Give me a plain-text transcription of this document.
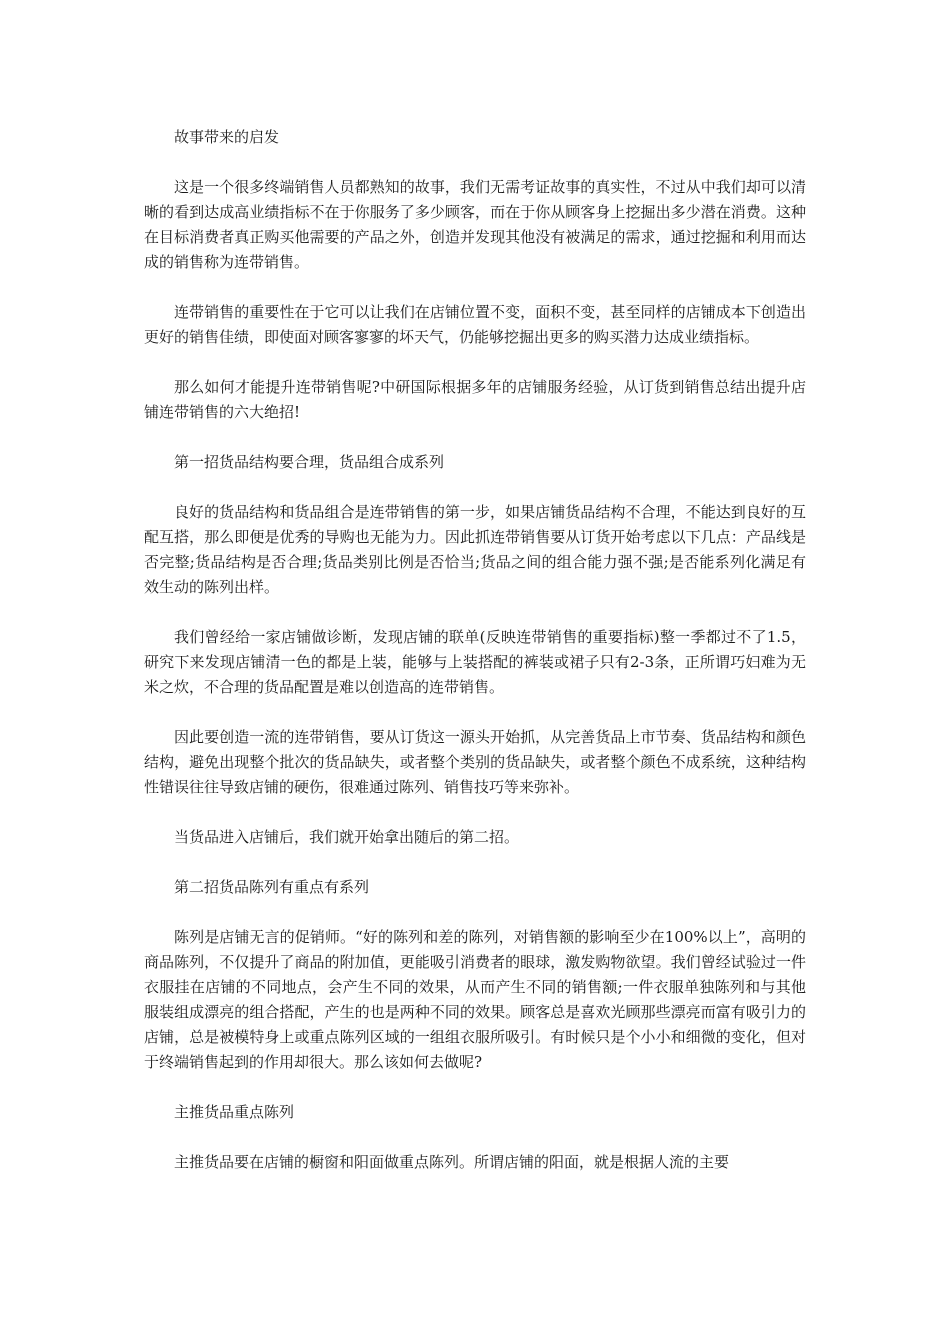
故事带来的启发

这是一个很多终端销售人员都熟知的故事，我们无需考证故事的真实性，不过从中我们却可以清晰的看到达成高业绩指标不在于你服务了多少顾客，而在于你从顾客身上挖掘出多少潜在消费。这种在目标消费者真正购买他需要的产品之外，创造并发现其他没有被满足的需求，通过挖掘和利用而达成的销售称为连带销售。

连带销售的重要性在于它可以让我们在店铺位置不变，面积不变，甚至同样的店铺成本下创造出更好的销售佳绩，即使面对顾客寥寥的坏天气，仍能够挖掘出更多的购买潜力达成业绩指标。

那么如何才能提升连带销售呢?中研国际根据多年的店铺服务经验，从订货到销售总结出提升店铺连带销售的六大绝招!

第一招货品结构要合理，货品组合成系列

良好的货品结构和货品组合是连带销售的第一步，如果店铺货品结构不合理，不能达到良好的互配互搭，那么即便是优秀的导购也无能为力。因此抓连带销售要从订货开始考虑以下几点：产品线是否完整;货品结构是否合理;货品类别比例是否恰当;货品之间的组合能力强不强;是否能系列化满足有效生动的陈列出样。

我们曾经给一家店铺做诊断，发现店铺的联单(反映连带销售的重要指标)整一季都过不了1.5，研究下来发现店铺清一色的都是上装，能够与上装搭配的裤装或裙子只有2-3条，正所谓巧妇难为无米之炊，不合理的货品配置是难以创造高的连带销售。

因此要创造一流的连带销售，要从订货这一源头开始抓，从完善货品上市节奏、货品结构和颜色结构，避免出现整个批次的货品缺失，或者整个类别的货品缺失，或者整个颜色不成系统，这种结构性错误往往导致店铺的硬伤，很难通过陈列、销售技巧等来弥补。

当货品进入店铺后，我们就开始拿出随后的第二招。

第二招货品陈列有重点有系列

陈列是店铺无言的促销师。“好的陈列和差的陈列，对销售额的影响至少在100%以上”，高明的商品陈列，不仅提升了商品的附加值，更能吸引消费者的眼球，激发购物欲望。我们曾经试验过一件衣服挂在店铺的不同地点，会产生不同的效果，从而产生不同的销售额;一件衣服单独陈列和与其他服装组成漂亮的组合搭配，产生的也是两种不同的效果。顾客总是喜欢光顾那些漂亮而富有吸引力的店铺，总是被模特身上或重点陈列区域的一组组衣服所吸引。有时候只是个小小和细微的变化，但对于终端销售起到的作用却很大。那么该如何去做呢?

主推货品重点陈列

主推货品要在店铺的橱窗和阳面做重点陈列。所谓店铺的阳面，就是根据人流的主要
